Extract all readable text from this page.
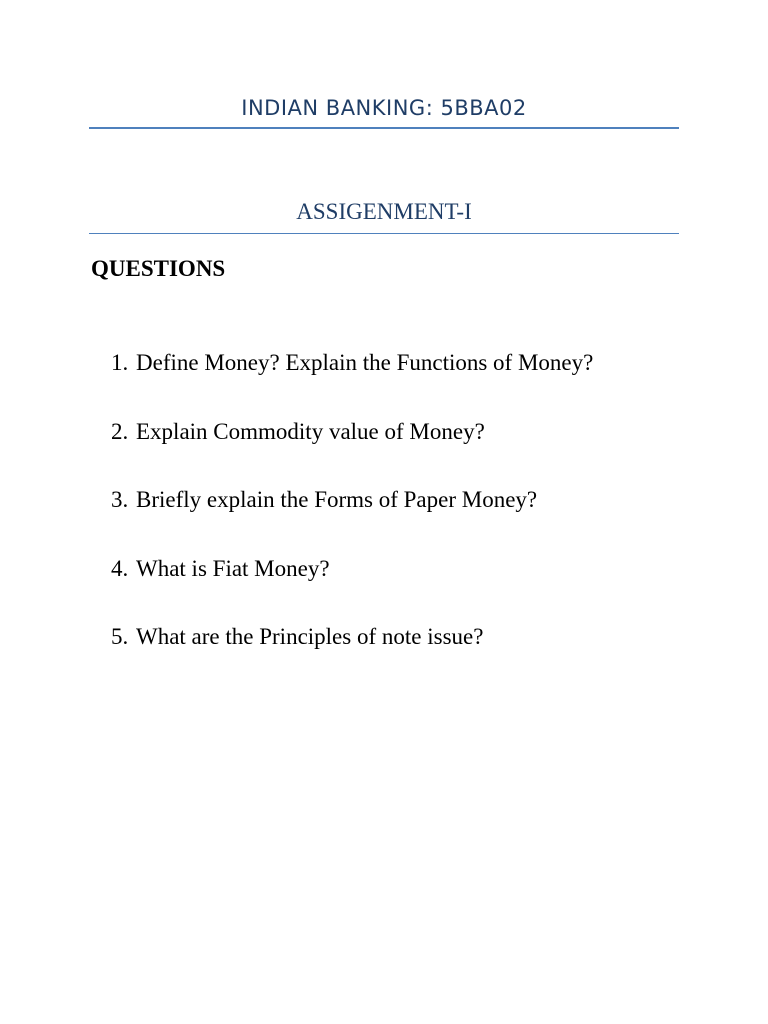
INDIAN BANKING: 5BBA02
ASSIGENMENT-I
QUESTIONS
1. Define Money? Explain the Functions of Money?
2. Explain Commodity value of Money?
3. Briefly explain the Forms of Paper Money?
4. What is Fiat Money?
5. What are the Principles of note issue?
